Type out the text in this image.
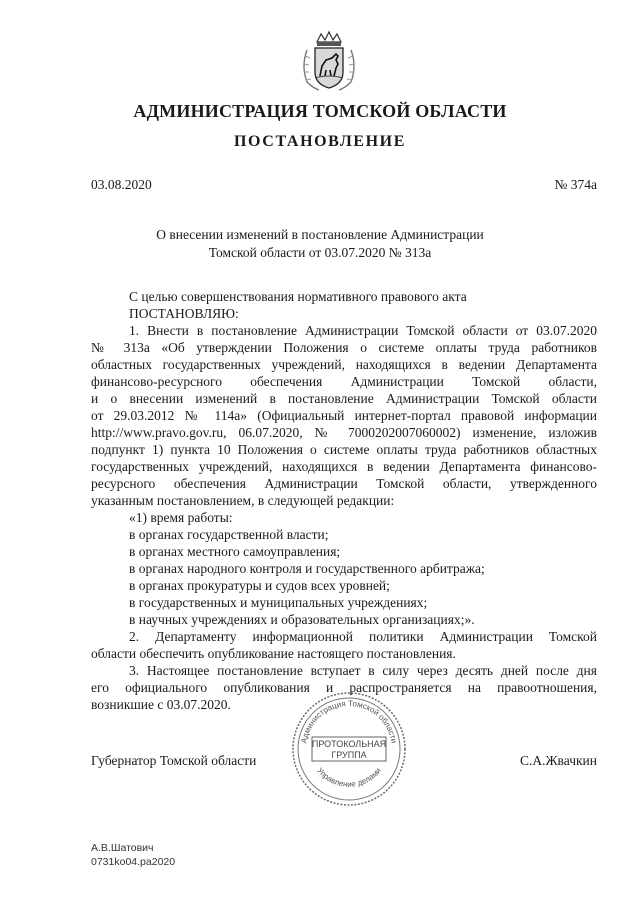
АДМИНИСТРАЦИЯ ТОМСКОЙ ОБЛАСТИ
ПОСТАНОВЛЕНИЕ
03.08.2020	№ 374а
О внесении изменений в постановление Администрации
Томской области от 03.07.2020 № 313а
С целью совершенствования нормативного правового акта
ПОСТАНОВЛЯЮ:
1. Внести в постановление Администрации Томской области от 03.07.2020
№ 313а «Об утверждении Положения о системе оплаты труда работников
областных государственных учреждений, находящихся в ведении Департамента
финансово-ресурсного обеспечения Администрации Томской области,
и о внесении изменений в постановление Администрации Томской области
от 29.03.2012 № 114а» (Официальный интернет-портал правовой информации
http://www.pravo.gov.ru, 06.07.2020, № 7000202007060002) изменение, изложив
подпункт 1) пункта 10 Положения о системе оплаты труда работников областных
государственных учреждений, находящихся в ведении Департамента финансово-
ресурсного обеспечения Администрации Томской области, утвержденного
указанным постановлением, в следующей редакции:
«1) время работы:
в органах государственной власти;
в органах местного самоуправления;
в органах народного контроля и государственного арбитража;
в органах прокуратуры и судов всех уровней;
в государственных и муниципальных учреждениях;
в научных учреждениях и образовательных организациях;».
2. Департаменту информационной политики Администрации Томской
области обеспечить опубликование настоящего постановления.
3. Настоящее постановление вступает в силу через десять дней после дня
его официального опубликования и распространяется на правоотношения,
возникшие с 03.07.2020.
Администрация Томской области
Управление делами
ПРОТОКОЛЬНАЯ
ГРУППА
Губернатор Томской области	С.А.Жвачкин
А.В.Шатович
0731ko04.pa2020
